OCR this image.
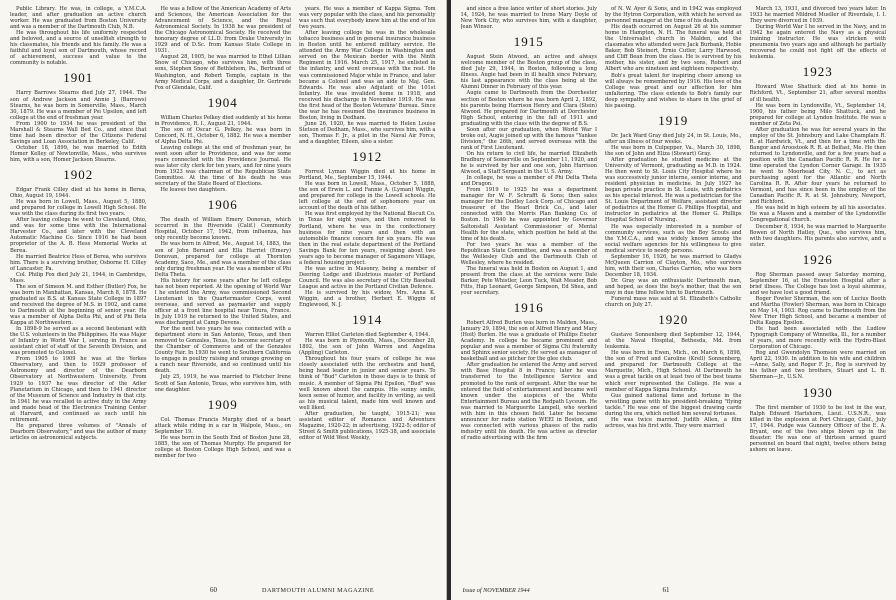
Public Library. He was, in college, a Y.M.C.A. leader, and after graduation an active church worker. He was graduated from Boston University and was a member of the Dartmouth Club, N.B.

He was throughout his life uniformly respected and beloved, and a source of unselfish strength to his classmates, his friends and his family. He was a faithful and loyal son of Dartmouth, whose record of achievement, success and value to the community is notable.

1901

Harry Barrows Stearns died July 27, 1944. The son of Andrew Jackson and Annie J. (Barrows) Stearns, he was born in Somerville, Mass., March 30, 1879. He was a member of Psi Upsilon, and left college at the end of freshman year.

From 1900 to 1934 he was president of the Marshall & Stearns Wall Bed Co., and since that time had been director of the Citizens Federal Savings and Loan Association in Berkeley, Calif.

October 18, 1899, he was married to Edith Homer Kelley of Newtonville, Mass., who survives him, with a son, Homer Jackson Stearns.

1902

Edgar Frank Cilley died at his home in Berea, Ohio, August 19, 1944.

He was born in Lowell, Mass., August 5, 1880, and prepared for college in Lowell High School. He was with the class during its first two years.

After leaving college he went to Cleveland, Ohio, and was for some time with the International Harvester Co., and later with the Cleveland Automatic Machine Co. Since 1916 he had been proprietor of the A. B. Hess Memorial Works at Berea.

He married Beatrice Hess of Berea, who survives him. There is a surviving brother, Osborne H. Cilley of Lancaster, Pa.

Col. Philip Fox died July 21, 1944, in Cambridge, Mass.

The son of Simeon M. and Esther (Butler) Fox, he was born in Manhattan, Kansas, March 8, 1878. He graduated as B.S. at Kansas State College in 1897 and received the degree of M.S. in 1902, and came to Dartmouth at the beginning of senior year. He was a member of Alpha Delta Phi, and of Phi Beta Kappa at Northwestern.

In 1898-9 he served as a second lieutenant with the U.S. volunteers in the Philippines. He was Major of Infantry in World War I, serving in France as assistant chief of staff of the Seventh Division, and was promoted to Colonel.

From 1905 to 1909 he was at the Yerkes Observatory, and then to 1929 professor of Astronomy and director of the Dearborn Observatory at Northwestern University. From 1929 to 1937 he was director of the Adler Planetarium in Chicago, and then to 1941 director of the Museum of Science and Industry in that city. In 1941 he was recalled to active duty in the Army and made head of the Electronics Training Center at Harvard, and continued as such until his retirement.

He prepared three volumes of "Annals of Dearborn Observatory," and was the author of many articles on astronomical subjects.

He was a fellow of the American Academy of Arts and Sciences, the American Association for the Advancement of Science, and the Royal Astronomical Society. In 1938 he was president of the Chicago Astronomical Society. He received the honorary degree of LL.D. from Drake University in 1929 and of D.Sc. from Kansas State College in 1931.

August 28, 1905, he was married to Ethel Lillian Snow of Chicago, who survives him, with three sons, Stephen Snow of Bethlehem, Pa., Bertrand of Washington, and Robert Temple, captain in the Army Medical Corps, and a daughter, Dr. Gertrude Fox of Glendale, Calif.

1904

William Charles Pelkey died suddenly at his home in Providence, R. I., August 21, 1944.

The son of Oscar G. Pelkey, he was born in Concord, N. H., October 6, 1882. He was a member of Alpha Delta Phi.

Leaving college at the end of freshman year, he went soon after to Providence, and was for some years connected with the Providence Journal. He was later city clerk for ten years, and for nine years from 1923 was chairman of the Republican State Committee. At the time of his death he was secretary of the State Board of Elections.

He leaves two daughters.

1906

The death of William Emery Donovan, which occurred in the Riverside (Calif.) Community Hospital, October 17, 1942, from influenza, has only recently become known.

He was born in Alfred, Me., August 14, 1883, the son of John Bernard and Ella Harriet (Emery) Donovan, prepared for college at Thornton Academy, Saco, Me., and was a member of the class only during freshman year. He was a member of Phi Delta Theta.

His history for some years after he left college has not been reported. At the opening of World War I he entered the Army, was commissioned Second Lieutenant in the Quartermaster Corps, went overseas, and served as paymaster and supply officer at a front line hospital near Toura, France. In July 1919 he returned to the United States, and was discharged at Camp Devens.

For the next two years he was connected with a department store in San Antonio, Texas, and then removed to Gonzales, Texas, to become secretary of the Chamber of Commerce and of the Gonzales County Fair. In 1930 he went to Southern California to engage in poultry raising and orange growing on a ranch near Riverside, and so continued until his death.

July 25, 1919, he was married to Fletcher Irene Scott of San Antonio, Texas, who survives him, with one daughter.

1909

Col. Thomas Francis Murphy died of a heart attack while riding in a car in Walpole, Mass., on September 19.

He was born in the South End of Boston June 28, 1885, the son of Thomas Murphy. He prepared for college at Boston College High School, and was a member for two

years. He was a member of Kappa Sigma. Tom was very popular with the class, and his personality was such that everybody knew him at the end of his two years.

After leaving college he was in the wholesale tobacco business and in general insurance business in Boston until he entered military service. He attended the Army War College in Washington and served on the Mexican border with the Ninth Regiment in 1916. March 25, 1917, he enlisted in the infantry, and went overseas with the rest. He was commissioned Major while in France, and later became a Colonel and was an aide to Maj. Gen. Edwards. He was also Adjutant of the 101st Infantry. He was invalided home in 1918, and received his discharge in November 1919. He was the first head of the Boston Veterans' Bureau. Since the war he has resumed the insurance business in Boston, living in Dedham.

June 26, 1920, he was married to Helen Louise Stetson of Dedham, Mass., who survives him, with a son, Thomas F. Jr., a pilot in the Naval Air Force, and a daughter, Eileen, also a sister.

1912

Forrest Lyman Wiggin died at his home in Portland, Me., September 15, 1944.

He was born in Lowell, Mass., October 5, 1888, the son of Erwin L. and Fannie A. (Lyman) Wiggin, and prepared for college in the Lowell schools. He left college at the end of sophomore year on account of the death of his father.

He was first employed by the National Biscuit Co. in Texas for eight years, and then removed to Portland, where he was in the confectionery business for nine years and then with an automobile finance concern for six years. He was then in the real estate department of the Portland Savings Bank for ten years, resigning about two years ago to become manager of Sagamore Village, a federal housing project.

He was active in Masonry, being a member of Deering Lodge and illustrious master of Portland Council. He was also secretary of the City Baseball League and active in the Portland Civilian Defence.

He is survived by his widow, Mrs. Anna K. Wiggin, and a brother, Herbert E. Wiggin of Englewood, N. J.

1914

Warren Elliot Carleton died September 4, 1944.

He was born in Plymouth, Mass., December 28, 1892, the son of John Warren and Angelina (Appling) Carleton.

Throughout his four years of college he was closely associated with the orchestra and band, being head leader in junior and senior years. To think of "Bud" Carleton in those days is to think of music. A member of Sigma Phi Epsilon, "Bud" was well known about the campus. His sunny smile, keen sense of humor, and facility in writing, as well as his musical talent, made him well known and well liked.

After graduation, he taught, 1915-21; was assistant editor of Romance and Adventure Magazine, 1920-22; in advertising, 1922-5; editor of Street & Smith publications, 1925-38, and associate editor of Wild West Weekly,

60	DARTMOUTH ALUMNI MAGAZINE

and since a free lance writer of short stories. July 14, 1924, he was married to Irene Mary Doyle of New York City, who survives him, with a daughter, Jean Winsor.

1915

August Stein Atwood, an active and always welcome member of the Boston group of the class, died July 29, 1944, in Boston, following a long illness. Augie had been in ill health since February, his last appearance with the class being at the Alumni Dinner in February of this year.

Augie came to Dartmouth from the Dorchester section of Boston where he was born April 2, 1892, his parents being Harrison Henry and Clara (Stein) Atwood. He prepared for Dartmouth at Dorchester High School, entering in the fall of 1911 and graduating with the class with the degree of B.S.

Soon after our graduation, when World War I broke out, Augie joined up with the famous "Yankee Division," the 26th, and served overseas with the rank of First Lieutenant.

On his return to civil life, he married Elizabeth Bradbury of Somerville on September 11, 1920, and he is survived by her and one son, John Harrison Atwood, a Staff Sergeant in the U. S. Army.

In college, he was a member of Phi Delta Theta and Dragon.

From 1919 to 1925 he was a department manager for W. F. Schrafft & Sons; then sales manager for the Dudley Lock Corp. of Chicago and treasurer of the Hearl Brick Co., and later connected with the Morris Plan Banking Co. of Boston. In 1940 he was appointed by Governor Saltonstall Assistant Commissioner of Mental Health for the state, which position he held at the time of his death.

For two years he was a member of the Republican State Committee, and was a member of the Wellesley Club and the Dartmouth Club of Wellesley, where he resided.

The funeral was held in Boston on August 1, and present from the class at the services were Dale Barker, Pete Whistler, Leon Tuck, Walt Meader, Bob Fitts, Hap Leonard, George Simpson, Ed Shea, and your secretary.

1916

Robert Alfred Burlen was born in Malden, Mass., January 29, 1894, the son of Alfred Henry and Mary (Hoit) Burlen. He was a graduate of Phillips Exeter Academy. In college he became prominent and popular and was a member of Sigma Chi fraternity and Sphinx senior society. He served as manager of basketball and as pitcher for the glee club.

After graduation he entered the Army and served with Base Hospital 8 in France; later he was transferred to the Intelligence Service and promoted to the rank of sergeant. After the war he entered the field of entertainment and became well known under the auspices of the White Entertainment Bureau and the Redpath Lyceum. He was married to Marguerite Lampell, who worked with him in this chosen field. Later he became announcer for radio station WEEI in Boston, and was connected with various phases of the radio industry until his death. He was active as director of radio advertising with the firm

of N. W. Ayer & Sons, and in 1942 was employed by the Hytron Corporation, with which he served as personnel manager at the time of his death.

His death occurred on August 26 at his summer home in Hampton, N. H. The funeral was held at the Universalist church in Malden, and the classmates who attended were Jack Burbank, Hobie Baker, Bob Steinert, Ernie Cutler, Larry Harwood, and Cliff Bean from the class. He is survived by his mother, his sister, and by two sons, Robert and Albert who are nineteen and eighteen respectively.

Bob's great talent for inspiring cheer among us will always be remembered by 1916. His love of the College was great and our affection for him unfaltering. The class extends to Bob's family our deep sympathy and wishes to share in the grief of his passing.

1919

Dr. Jack Ward Gray died July 24, in St. Louis, Mo., after an illness of four weeks.

He was born in Culpepper, Va., March 30, 1898, the son of John and Eliza (Stewart) Gray.

After graduation he studied medicine at the University of Vermont, graduating as M.D. in 1924. He then went to St. Louis City Hospital where he was successively junior interne, senior interne, and resident physician in medicine. In July 1927 he began private practice in St. Louis, with pediatrics as his special interest. He was a pediatrician for the St. Louis Department of Welfare, assistant director of pediatrics at the Homer G. Phillips Hospital, and instructor in pediatrics at the Homer G. Phillips Hospital School of Nursing.

He was especially interested in a number of community services, such as the Boy Scouts and the Y.M.C.A., and was widely known among the social welfare agencies for his willingness to give medical service to needy persons.

September 16, 1926, he was married to Gladys McQueen Carrion of Clayton, Mo., who survives him, with their son, Charles Carrion, who was born December 18, 1934.

Dr. Gray was an enthusiastic Dartmouth man, and hoped, as does the boy's mother, that the son may in due time follow him to Dartmouth.

Funeral mass was said at St. Elizabeth's Catholic church on July 27.

1920

Gustave Sonnenberg died September 12, 1944, at the Naval Hospital, Bethesda, Md. from leukemia.

He was born in Ewen, Mich., on March 6, 1898, the son of Fred and Caroline (Krell) Sonnenberg, and prepared for Dartmouth College at the Marquette, Mich., High School. At Dartmouth he was a great tackle on at least two of the best teams which ever represented the College. He was a member of Kappa Sigma fraternity.

Gus gained national fame and fortune in the wrestling game with his president-breaking "flying tackle." He was one of the biggest drawing cards during the era, which netted him several fortunes.

He was twice married. Judith Allen, a film actress, was his first wife. They were married

March 13, 1931, and divorced two years later. In 1933 he married Mildred Mueller of Riverdale, I. I. They were divorced in 1939.

During World War I he served in the Navy, and in 1942 he again entered the Navy as a physical training instructor. He was stricken with pneumonia two years ago and although he partially recovered he could not fight off the effects of leukemia.

1923

Howard Wise Shattuck died at his home in Richford, Vt., September 21, after several months of ill health.

He was born in Lyndonville, Vt., September 14, 1900, his father being Milo Shattuck, and he prepared for college at Lyndon Institute. He was a member of Zeta Psi.

After graduation he was for several years in the employ of the St. Johnsbury and Lake Champlain R. R. at Hardwick, Vt., and then for a time with the Bangor and Aroostook R. R. at Belfast, Me. He then returned to Lyndonville, and for a few years had a position with the Canadian Pacific R. R. He for a time operated the Lyndon Corner Garage. In 1935 he went to Moorhead City, N. C., to act as purchasing agent for the Atlantic and North Carolina R. R. After four years he returned to Vermont, and has since been in the employ of the Canadian Pacific R. R. at St. Johnsbury, Newport, and Richford.

He was held in high esteem by all his associates. He was a Mason and a member of the Lyndonville Congregational church.

December 8, 1934, he was married to Marguerite Bowen of North Hatley, Que., who survives him, with two daughters. His parents also survive, and a sister.

1926

Rog Sherman passed away Saturday morning, September 16, at the Evanston Hospital after a brief illness. The College has lost a loyal alumnus, and we have lost a good friend.

Roger Fowler Sherman, the son of Lucius Booth and Martha (Fowler) Sherman, was born in Chicago on May 14, 1903. Rog came to Dartmouth from the New Trier High School, and became a member of Delta Kappa Epsilon.

He had been associated with the Ludlow Typograph Company of Winnetka, Ill., for a number of years, and more recently with the Hydro-Blast Corporation of Chicago.

Rog and Gwendolyn Thomson were married on April 22, 1930. In addition to his wife and children—Anne, Sally, and Roger F. Jr., Rog is survived by his father and two brothers, Stuart and L. B. Sherman—Jr., U.S.N.

1930

The first member of 1930 to be lost in the war, Ralph Edward Hartshorn, Lieut. U.S.N.R., was killed in the explosion at Port Chicago, Calif., July 17, 1944. Pudge was Gunnery Officer of the E. A. Bryant, one of the two ships blown up in the disaster. He was one of thirteen armed guard personnel on board that night, twelve others being ashore on leave.

Issue of NOVEMBER 1944	61
